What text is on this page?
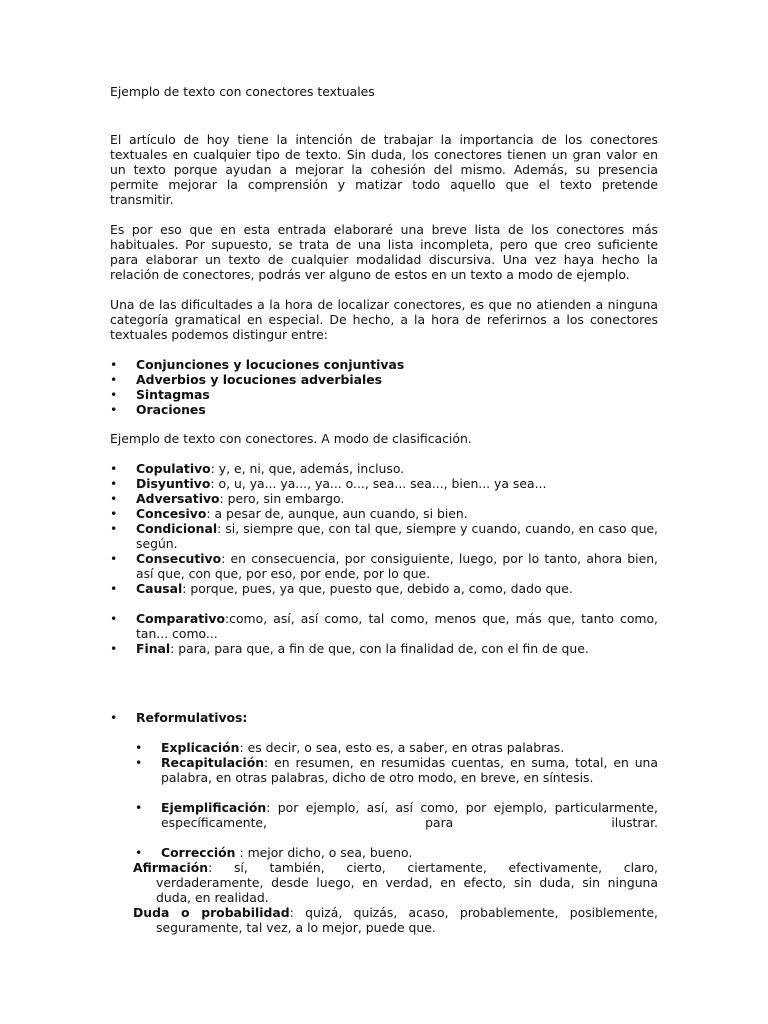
Ejemplo de texto con conectores textuales

El artículo de hoy tiene la intención de trabajar la importancia de los conectores textuales en cualquier tipo de texto. Sin duda, los conectores tienen un gran valor en un texto porque ayudan a mejorar la cohesión del mismo. Además, su presencia permite mejorar la comprensión y matizar todo aquello que el texto pretende transmitir.

Es por eso que en esta entrada elaboraré una breve lista de los conectores más habituales. Por supuesto, se trata de una lista incompleta, pero que creo suficiente para elaborar un texto de cualquier modalidad discursiva. Una vez haya hecho la relación de conectores, podrás ver alguno de estos en un texto a modo de ejemplo.

Una de las dificultades a la hora de localizar conectores, es que no atienden a ninguna categoría gramatical en especial. De hecho, a la hora de referirnos a los conectores textuales podemos distingur entre:

• Conjunciones y locuciones conjuntivas
• Adverbios y locuciones adverbiales
• Sintagmas
• Oraciones

Ejemplo de texto con conectores. A modo de clasificación.

• Copulativo: y, e, ni, que, además, incluso.
• Disyuntivo: o, u, ya... ya..., ya... o..., sea... sea..., bien... ya sea...
• Adversativo: pero, sin embargo.
• Concesivo: a pesar de, aunque, aun cuando, si bien.
• Condicional: si, siempre que, con tal que, siempre y cuando, cuando, en caso que, según.
• Consecutivo: en consecuencia, por consiguiente, luego, por lo tanto, ahora bien, así que, con que, por eso, por ende, por lo que.
• Causal: porque, pues, ya que, puesto que, debido a, como, dado que.
• Comparativo:como, así, así como, tal como, menos que, más que, tanto como, tan... como...
• Final: para, para que, a fin de que, con la finalidad de, con el fin de que.
• Reformulativos:
• Explicación: es decir, o sea, esto es, a saber, en otras palabras.
• Recapitulación: en resumen, en resumidas cuentas, en suma, total, en una palabra, en otras palabras, dicho de otro modo, en breve, en síntesis.
• Ejemplificación: por ejemplo, así, así como, por ejemplo, particularmente, específicamente, para ilustrar.
• Corrección : mejor dicho, o sea, bueno.
Afirmación: sí, también, cierto, ciertamente, efectivamente, claro, verdaderamente, desde luego, en verdad, en efecto, sin duda, sin ninguna duda, en realidad.
Duda o probabilidad: quizá, quizás, acaso, probablemente, posiblemente, seguramente, tal vez, a lo mejor, puede que.
